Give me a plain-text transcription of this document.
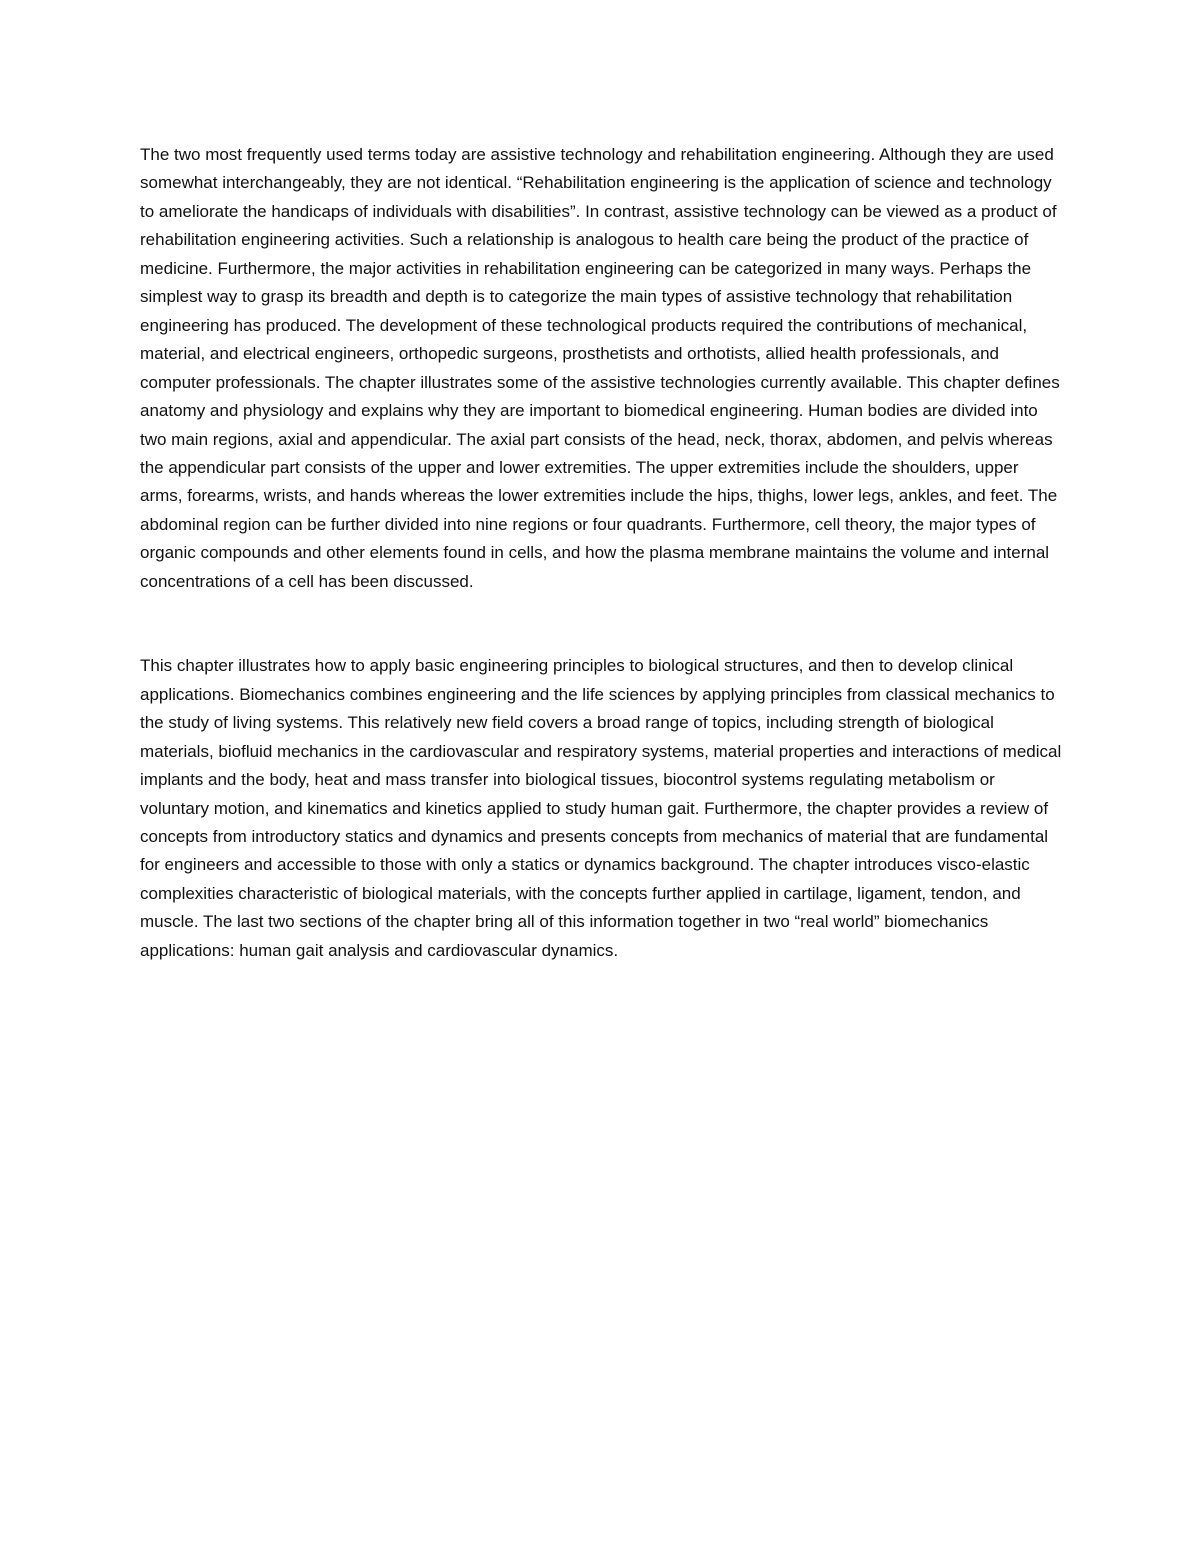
The two most frequently used terms today are assistive technology and rehabilitation engineering. Although they are used somewhat interchangeably, they are not identical. “Rehabilitation engineering is the application of science and technology to ameliorate the handicaps of individuals with disabilities”. In contrast, assistive technology can be viewed as a product of rehabilitation engineering activities. Such a relationship is analogous to health care being the product of the practice of medicine. Furthermore, the major activities in rehabilitation engineering can be categorized in many ways. Perhaps the simplest way to grasp its breadth and depth is to categorize the main types of assistive technology that rehabilitation engineering has produced. The development of these technological products required the contributions of mechanical, material, and electrical engineers, orthopedic surgeons, prosthetists and orthotists, allied health professionals, and computer professionals. The chapter illustrates some of the assistive technologies currently available. This chapter defines anatomy and physiology and explains why they are important to biomedical engineering. Human bodies are divided into two main regions, axial and appendicular. The axial part consists of the head, neck, thorax, abdomen, and pelvis whereas the appendicular part consists of the upper and lower extremities. The upper extremities include the shoulders, upper arms, forearms, wrists, and hands whereas the lower extremities include the hips, thighs, lower legs, ankles, and feet. The abdominal region can be further divided into nine regions or four quadrants. Furthermore, cell theory, the major types of organic compounds and other elements found in cells, and how the plasma membrane maintains the volume and internal concentrations of a cell has been discussed.

This chapter illustrates how to apply basic engineering principles to biological structures, and then to develop clinical applications. Biomechanics combines engineering and the life sciences by applying principles from classical mechanics to the study of living systems. This relatively new field covers a broad range of topics, including strength of biological materials, biofluid mechanics in the cardiovascular and respiratory systems, material properties and interactions of medical implants and the body, heat and mass transfer into biological tissues, biocontrol systems regulating metabolism or voluntary motion, and kinematics and kinetics applied to study human gait. Furthermore, the chapter provides a review of concepts from introductory statics and dynamics and presents concepts from mechanics of material that are fundamental for engineers and accessible to those with only a statics or dynamics background. The chapter introduces visco-elastic complexities characteristic of biological materials, with the concepts further applied in cartilage, ligament, tendon, and muscle. The last two sections of the chapter bring all of this information together in two “real world” biomechanics applications: human gait analysis and cardiovascular dynamics.
